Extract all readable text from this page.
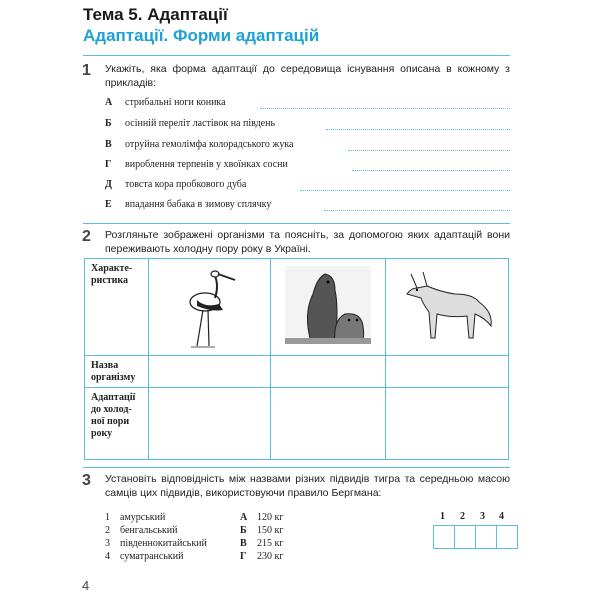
Тема 5. Адаптації
Адаптації. Форми адаптацій
1 Укажіть, яка форма адаптації до середовища існування описана в кожному з прикладів:
А стрибальні ноги коника
Б осінній переліт ластівок на південь
В отруйна гемолімфа колорадського жука
Г вироблення терпенів у хвоїнках сосни
Д товста кора пробкового дуба
Е впадання бабака в зимову сплячку
2 Розгляньте зображені організми та поясніть, за допомогою яких адаптацій вони переживають холодну пору року в Україні.
Характе-ристика			
Назва організму			
Адаптації до холод-ної пори року			
3 Установіть відповідність між назвами різних підвидів тигра та середньою масою самців цих підвидів, використовуючи правило Бергмана:
1 амурський
2 бенгальський
3 південнокитайський
4 суматранський
А 120 кг
Б 150 кг
В 215 кг
Г 230 кг
1 2 3 4

4
